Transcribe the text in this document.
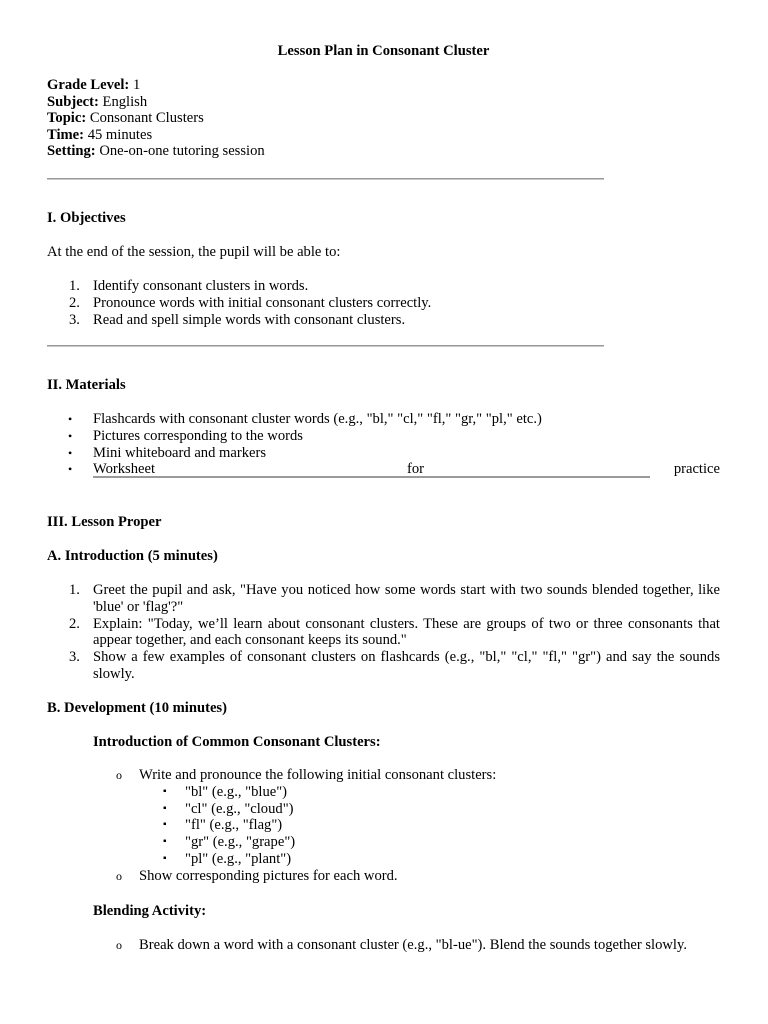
Lesson Plan in Consonant Cluster
Grade Level: 1
Subject: English
Topic: Consonant Clusters
Time: 45 minutes
Setting: One-on-one tutoring session
I. Objectives
At the end of the session, the pupil will be able to:
1. Identify consonant clusters in words.
2. Pronounce words with initial consonant clusters correctly.
3. Read and spell simple words with consonant clusters.
II. Materials
• Flashcards with consonant cluster words (e.g., "bl," "cl," "fl," "gr," "pl," etc.)
• Pictures corresponding to the words
• Mini whiteboard and markers
• Worksheet	for	practice
III. Lesson Proper
A. Introduction (5 minutes)
1. Greet the pupil and ask, "Have you noticed how some words start with two sounds blended together, like 'blue' or 'flag'?"
2. Explain: "Today, we’ll learn about consonant clusters. These are groups of two or three consonants that appear together, and each consonant keeps its sound."
3. Show a few examples of consonant clusters on flashcards (e.g., "bl," "cl," "fl," "gr") and say the sounds slowly.
B. Development (10 minutes)
Introduction of Common Consonant Clusters:
o Write and pronounce the following initial consonant clusters:
▪ "bl" (e.g., "blue")
▪ "cl" (e.g., "cloud")
▪ "fl" (e.g., "flag")
▪ "gr" (e.g., "grape")
▪ "pl" (e.g., "plant")
o Show corresponding pictures for each word.
Blending Activity:
o Break down a word with a consonant cluster (e.g., "bl-ue"). Blend the sounds together slowly.
